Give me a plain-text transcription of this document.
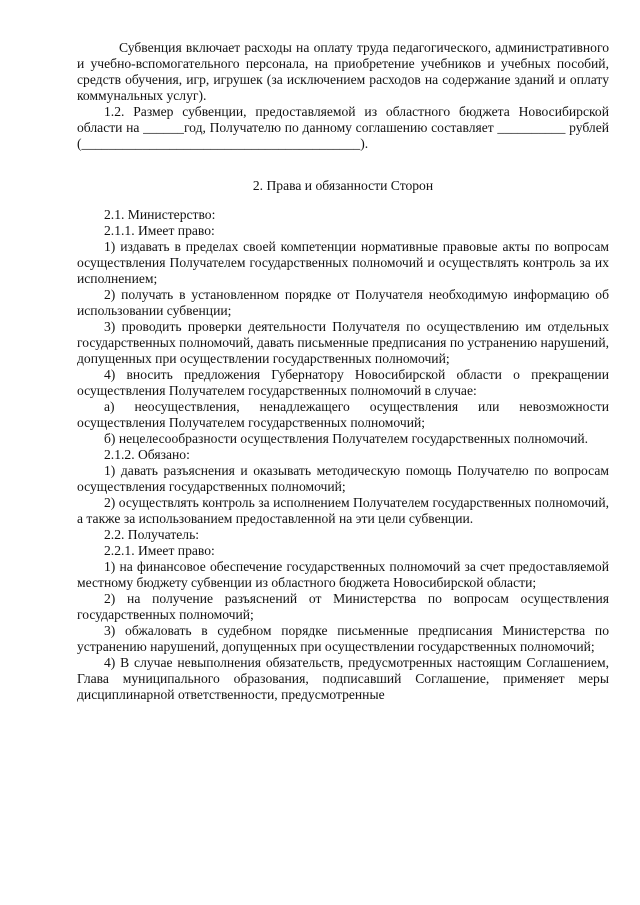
Субвенция включает расходы на оплату труда педагогического, административного и учебно-вспомогательного персонала, на приобретение учебников и учебных пособий, средств обучения, игр, игрушек (за исключением расходов на содержание зданий и оплату коммунальных услуг).

1.2. Размер субвенции, предоставляемой из областного бюджета Новосибирской области на ______год, Получателю по данному соглашению составляет __________ рублей (_________________________________________).

2. Права и обязанности Сторон

2.1. Министерство:

2.1.1. Имеет право:

1) издавать в пределах своей компетенции нормативные правовые акты по вопросам осуществления Получателем государственных полномочий и осуществлять контроль за их исполнением;

2) получать в установленном порядке от Получателя необходимую информацию об использовании субвенции;

3) проводить проверки деятельности Получателя по осуществлению им отдельных государственных полномочий, давать письменные предписания по устранению нарушений, допущенных при осуществлении государственных полномочий;

4) вносить предложения Губернатору Новосибирской области о прекращении осуществления Получателем государственных полномочий в случае:

а) неосуществления, ненадлежащего осуществления или невозможности осуществления Получателем государственных полномочий;

б) нецелесообразности осуществления Получателем государственных полномочий.

2.1.2. Обязано:

1) давать разъяснения и оказывать методическую помощь Получателю по вопросам осуществления государственных полномочий;

2) осуществлять контроль за исполнением Получателем государственных полномочий, а также за использованием предоставленной на эти цели субвенции.

2.2. Получатель:

2.2.1. Имеет право:

1) на финансовое обеспечение государственных полномочий за счет предоставляемой местному бюджету субвенции из областного бюджета Новосибирской области;

2) на получение разъяснений от Министерства по вопросам осуществления государственных полномочий;

3) обжаловать в судебном порядке письменные предписания Министерства по устранению нарушений, допущенных при осуществлении государственных полномочий;

4) В случае невыполнения обязательств, предусмотренных настоящим Соглашением, Глава муниципального образования, подписавший Соглашение, применяет меры дисциплинарной ответственности, предусмотренные
